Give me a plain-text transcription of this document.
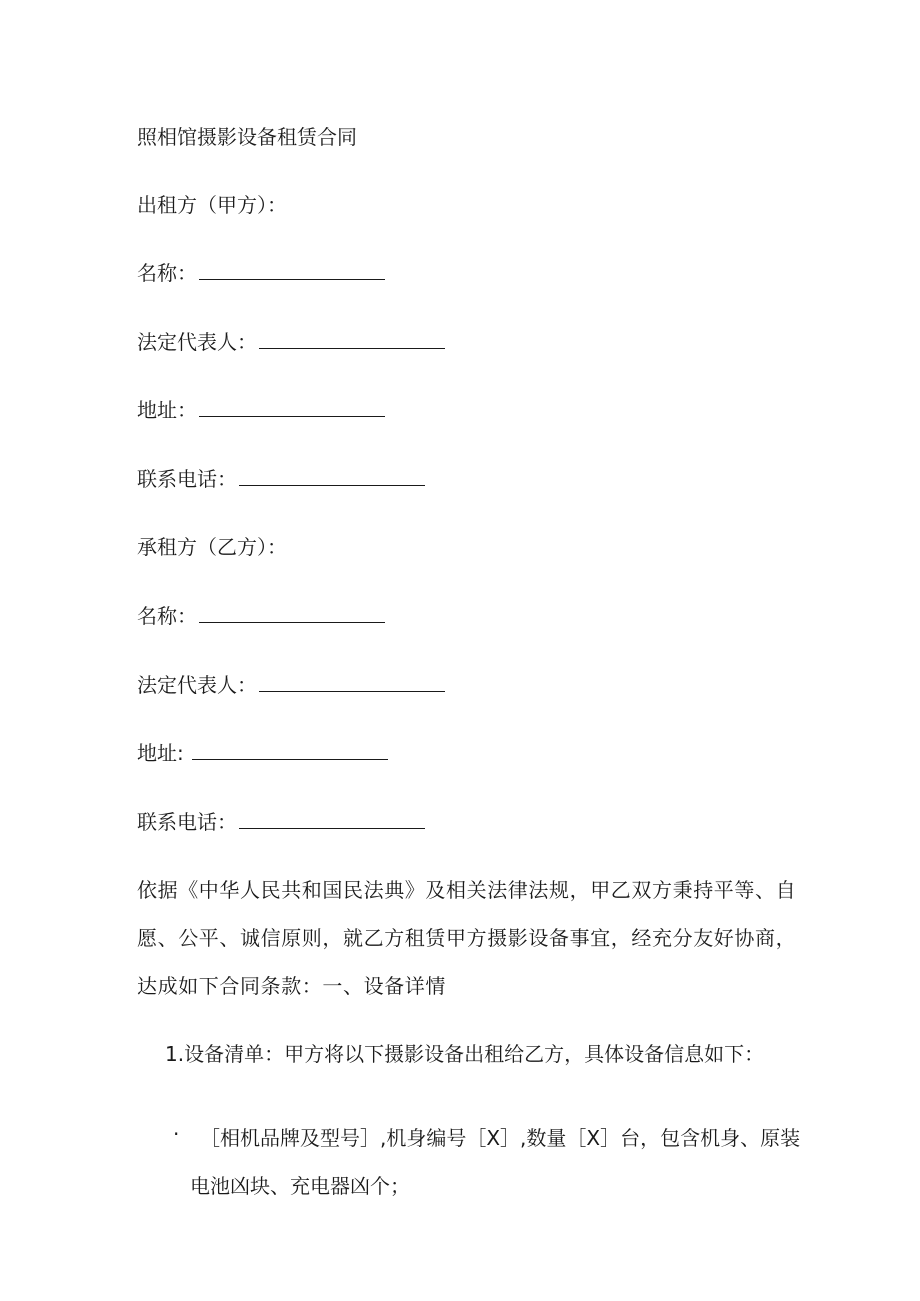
照相馆摄影设备租赁合同
出租方（甲方）：
名称：
法定代表人：
地址：
联系电话：
承租方（乙方）：
名称：
法定代表人：
地址:
联系电话：
依据《中华人民共和国民法典》及相关法律法规，甲乙双方秉持平等、自
愿、公平、诚信原则，就乙方租赁甲方摄影设备事宜，经充分友好协商，
达成如下合同条款：一、设备详情
1.设备清单：甲方将以下摄影设备出租给乙方，具体设备信息如下：
· ［相机品牌及型号］,机身编号［X］,数量［X］台，包含机身、原装
电池凶块、充电器凶个；
